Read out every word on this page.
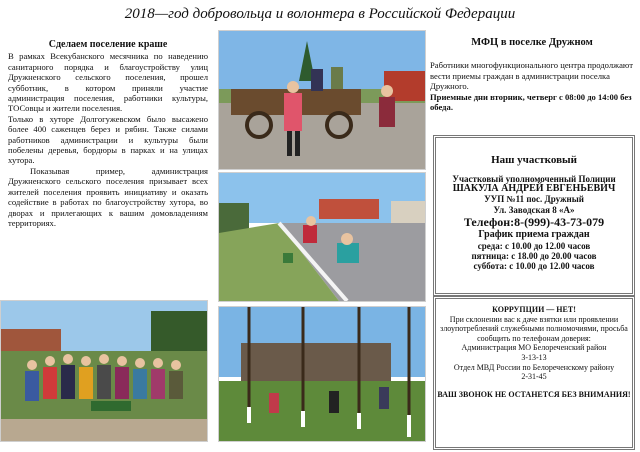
2018—год добровольца и волонтера в Российской Федерации
Сделаем поселение краше

В рамках Всекубанского месячника по наведению санитарного порядка и благоустройству улиц Дружненского сельского поселения, прошел субботник, в котором приняли участие администрация поселения, работники культуры, ТОСовцы и жители поселения.

Только в хуторе Долгогужевском было высажено более 400 саженцев берез и рябин. Также силами работников администрации и культуры были побелены деревья, бордюры в парках и на улицах хутора.

Показывая пример, администрация Дружненского сельского поселения призывает всех жителей поселения проявить инициативу и оказать содействие в работах по благоустройству хутора, во дворах и прилегающих к вашим домовладениям территориях.

МФЦ в поселке Дружном

Работники многофункционального центра продолжают вести приемы граждан в администрации поселка Дружного.

Приемные дни вторник, четверг с 08:00 до 14:00 без обеда.

Наш участковый
Участковый уполномоченный Полиции
ШАКУЛА АНДРЕЙ ЕВГЕНЬЕВИЧ
УУП №11 пос. Дружный
Ул. Заводская 8 «А»
Телефон:8-(999)-43-73-079
График приема граждан
среда: с 10.00 до 12.00 часов
пятница: с 18.00 до 20.00 часов
суббота: с 10.00 до 12.00 часов
КОРРУПЦИИ — НЕТ!
При склонении вас к даче взятки или проявлении злоупотреблений служебными полномочиями, просьба сообщить по телефонам доверия:
Администрация МО Белореченский район
3-13-13
Отдел МВД России по Белореченскому району
2-31-45
ВАШ ЗВОНОК НЕ ОСТАНЕТСЯ БЕЗ ВНИМАНИЯ!
